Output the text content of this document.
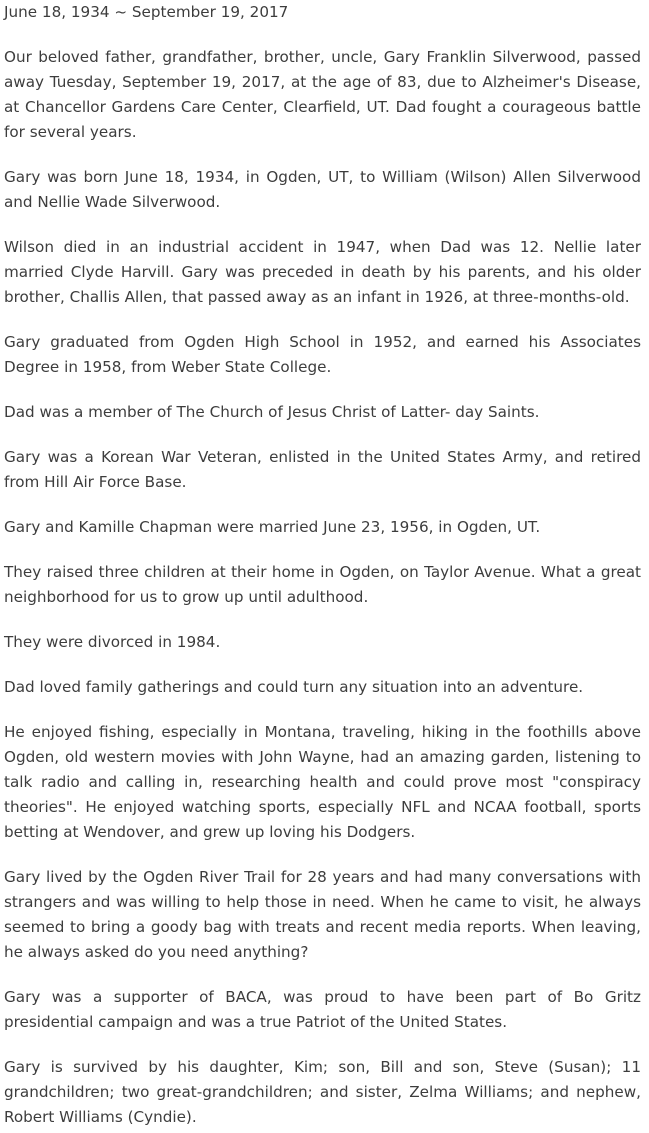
June 18, 1934 ~ September 19, 2017

Our beloved father, grandfather, brother, uncle, Gary Franklin Silverwood, passed away Tuesday, September 19, 2017, at the age of 83, due to Alzheimer's Disease, at Chancellor Gardens Care Center, Clearfield, UT. Dad fought a courageous battle for several years.

Gary was born June 18, 1934, in Ogden, UT, to William (Wilson) Allen Silverwood and Nellie Wade Silverwood.

Wilson died in an industrial accident in 1947, when Dad was 12. Nellie later married Clyde Harvill. Gary was preceded in death by his parents, and his older brother, Challis Allen, that passed away as an infant in 1926, at three-months-old.

Gary graduated from Ogden High School in 1952, and earned his Associates Degree in 1958, from Weber State College.

Dad was a member of The Church of Jesus Christ of Latter- day Saints.

Gary was a Korean War Veteran, enlisted in the United States Army, and retired from Hill Air Force Base.

Gary and Kamille Chapman were married June 23, 1956, in Ogden, UT.

They raised three children at their home in Ogden, on Taylor Avenue. What a great neighborhood for us to grow up until adulthood.

They were divorced in 1984.

Dad loved family gatherings and could turn any situation into an adventure.

He enjoyed fishing, especially in Montana, traveling, hiking in the foothills above Ogden, old western movies with John Wayne, had an amazing garden, listening to talk radio and calling in, researching health and could prove most "conspiracy theories". He enjoyed watching sports, especially NFL and NCAA football, sports betting at Wendover, and grew up loving his Dodgers.

Gary lived by the Ogden River Trail for 28 years and had many conversations with strangers and was willing to help those in need. When he came to visit, he always seemed to bring a goody bag with treats and recent media reports. When leaving, he always asked do you need anything?

Gary was a supporter of BACA, was proud to have been part of Bo Gritz presidential campaign and was a true Patriot of the United States.

Gary is survived by his daughter, Kim; son, Bill and son, Steve (Susan); 11 grandchildren; two great-grandchildren; and sister, Zelma Williams; and nephew, Robert Williams (Cyndie).
